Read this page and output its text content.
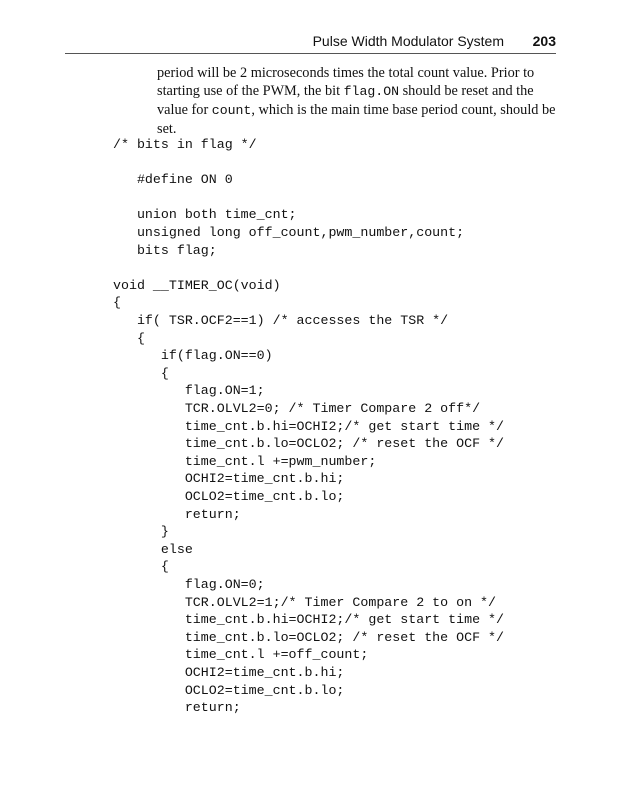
Pulse Width Modulator System 203

period will be 2 microseconds times the total count value. Prior to starting use of the PWM, the bit flag.ON should be reset and the value for count, which is the main time base period count, should be set.

/* bits in flag */
#define ON 0
union both time_cnt;
unsigned long off_count,pwm_number,count;
bits flag;
void __TIMER_OC(void)
{
if( TSR.OCF2==1) /* accesses the TSR */
{
if(flag.ON==0)
{
flag.ON=1;
TCR.OLVL2=0; /* Timer Compare 2 off*/
time_cnt.b.hi=OCHI2;/* get start time */
time_cnt.b.lo=OCLO2; /* reset the OCF */
time_cnt.l +=pwm_number;
OCHI2=time_cnt.b.hi;
OCLO2=time_cnt.b.lo;
return;
}
else
{
flag.ON=0;
TCR.OLVL2=1;/* Timer Compare 2 to on */
time_cnt.b.hi=OCHI2;/* get start time */
time_cnt.b.lo=OCLO2; /* reset the OCF */
time_cnt.l +=off_count;
OCHI2=time_cnt.b.hi;
OCLO2=time_cnt.b.lo;
return;
